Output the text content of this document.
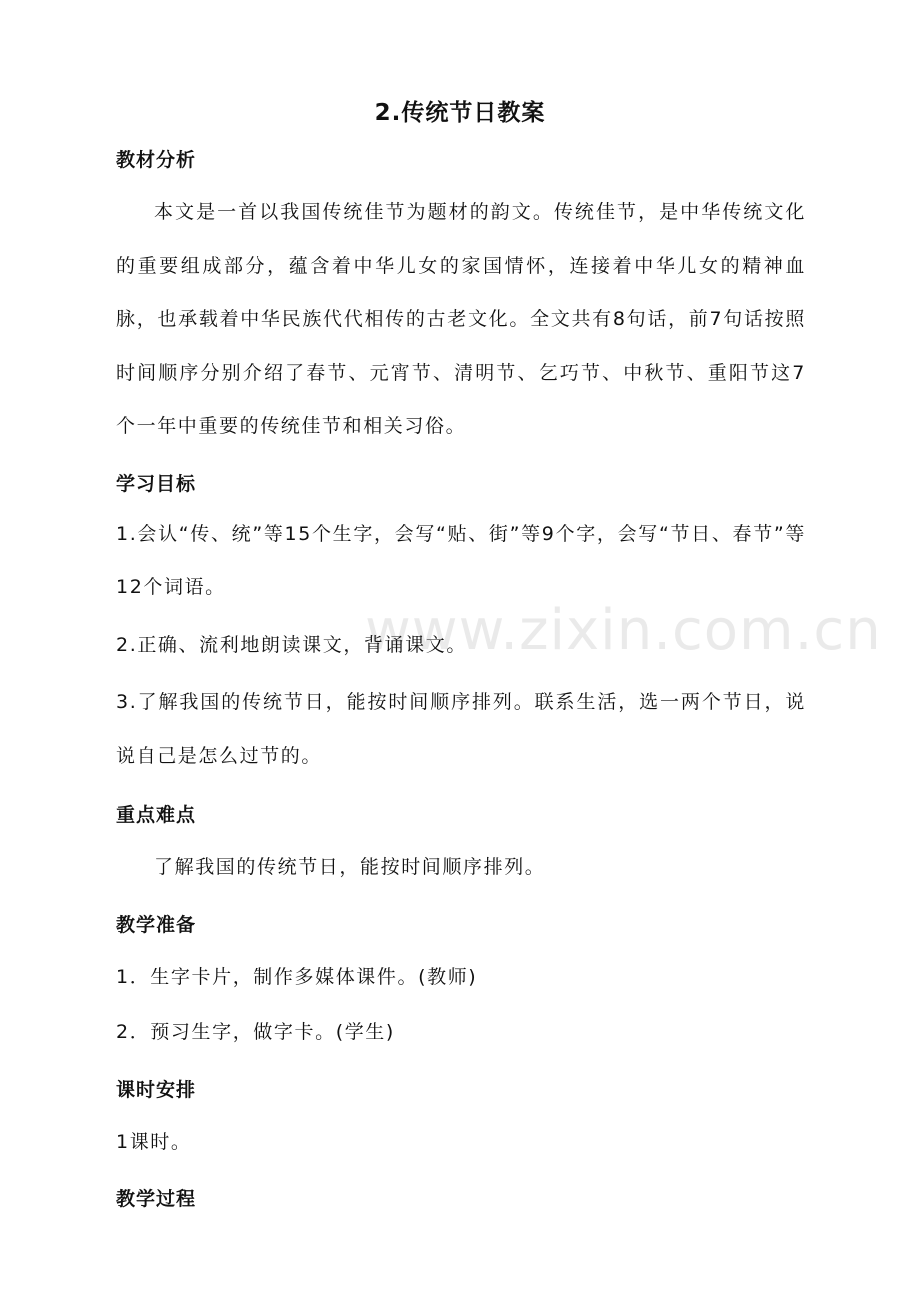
www.zixin.com.cn
2.传统节日教案

教材分析

本文是一首以我国传统佳节为题材的韵文。传统佳节，是中华传统文化的重要组成部分，蕴含着中华儿女的家国情怀，连接着中华儿女的精神血脉，也承载着中华民族代代相传的古老文化。全文共有8句话，前7句话按照时间顺序分别介绍了春节、元宵节、清明节、乞巧节、中秋节、重阳节这7个一年中重要的传统佳节和相关习俗。

学习目标

1.会认“传、统”等15个生字，会写“贴、街”等9个字，会写“节日、春节”等12个词语。

2.正确、流利地朗读课文，背诵课文。

3.了解我国的传统节日，能按时间顺序排列。联系生活，选一两个节日，说说自己是怎么过节的。

重点难点

了解我国的传统节日，能按时间顺序排列。

教学准备

1．生字卡片，制作多媒体课件。(教师)

2．预习生字，做字卡。(学生)

课时安排

1课时。

教学过程
